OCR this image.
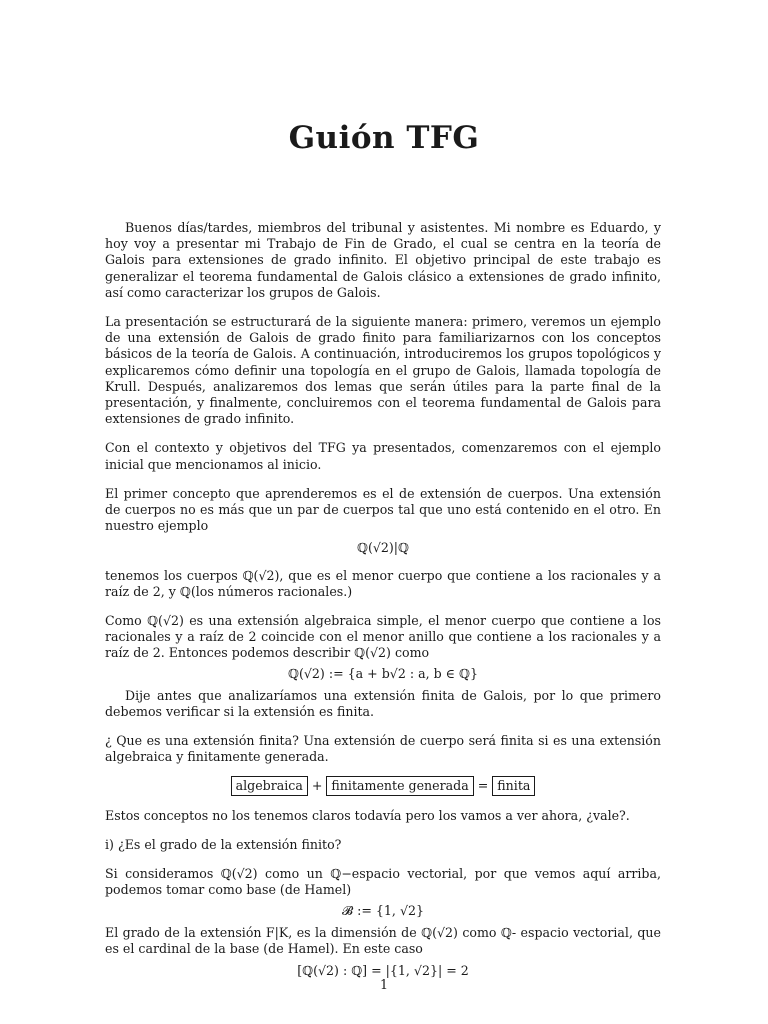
Guión TFG

Buenos días/tardes, miembros del tribunal y asistentes. Mi nombre es Eduardo, y hoy voy a presentar mi Trabajo de Fin de Grado, el cual se centra en la teoría de Galois para extensiones de grado infinito. El objetivo principal de este trabajo es generalizar el teorema fundamental de Galois clásico a extensiones de grado infinito, así como caracterizar los grupos de Galois.

La presentación se estructurará de la siguiente manera: primero, veremos un ejemplo de una extensión de Galois de grado finito para familiarizarnos con los conceptos básicos de la teoría de Galois. A continuación, introduciremos los grupos topológicos y explicaremos cómo definir una topología en el grupo de Galois, llamada topología de Krull. Después, analizaremos dos lemas que serán útiles para la parte final de la presentación, y finalmente, concluiremos con el teorema fundamental de Galois para extensiones de grado infinito.

Con el contexto y objetivos del TFG ya presentados, comenzaremos con el ejemplo inicial que mencionamos al inicio.

El primer concepto que aprenderemos es el de extensión de cuerpos. Una extensión de cuerpos no es más que un par de cuerpos tal que uno está contenido en el otro. En nuestro ejemplo

ℚ(√2)|ℚ

tenemos los cuerpos ℚ(√2), que es el menor cuerpo que contiene a los racionales y a raíz de 2, y ℚ(los números racionales.)

Como ℚ(√2) es una extensión algebraica simple, el menor cuerpo que contiene a los racionales y a raíz de 2 coincide con el menor anillo que contiene a los racionales y a raíz de 2. Entonces podemos describir ℚ(√2) como

ℚ(√2) := {a + b√2 : a, b ∈ ℚ}

Dije antes que analizaríamos una extensión finita de Galois, por lo que primero debemos verificar si la extensión es finita.

¿ Que es una extensión finita? Una extensión de cuerpo será finita si es una extensión algebraica y finitamente generada.

algebraica + finitamente generada = finita

Estos conceptos no los tenemos claros todavía pero los vamos a ver ahora, ¿vale?.

i) ¿Es el grado de la extensión finito?

Si consideramos ℚ(√2) como un ℚ−espacio vectorial, por que vemos aquí arriba, podemos tomar como base (de Hamel)

𝓑 := {1, √2}

El grado de la extensión F|K, es la dimensión de ℚ(√2) como ℚ- espacio vectorial, que es el cardinal de la base (de Hamel). En este caso

[ℚ(√2) : ℚ] = |{1, √2}| = 2
1
